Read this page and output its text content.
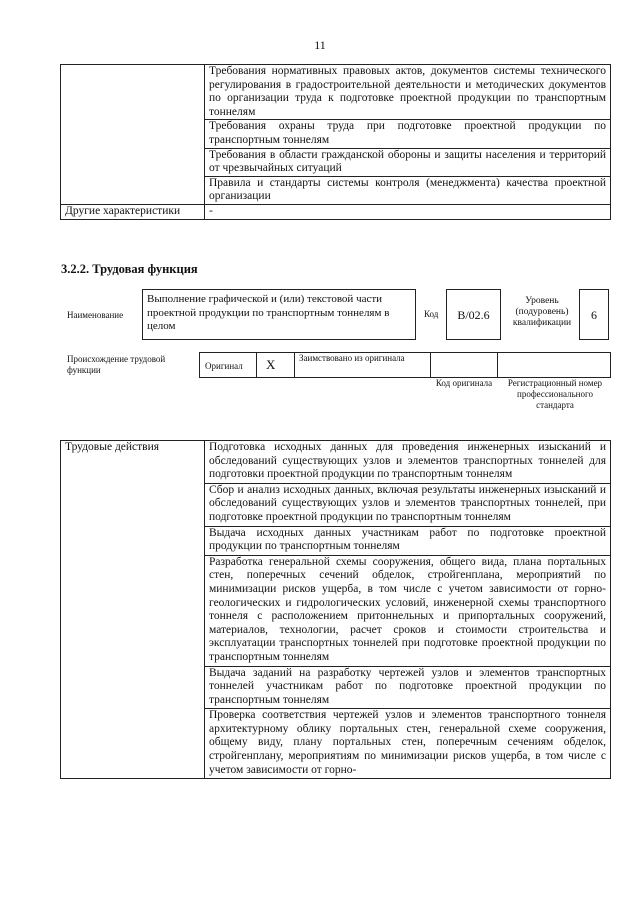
11
	Требования нормативных правовых актов, документов системы технического регулирования в градостроительной деятельности и методических документов по организации труда к подготовке проектной продукции по транспортным тоннелям
	Требования охраны труда при подготовке проектной продукции по транспортным тоннелям
	Требования в области гражданской обороны и защиты населения и территорий от чрезвычайных ситуаций
	Правила и стандарты системы контроля (менеджмента) качества проектной организации
Другие характеристики	-
3.2.2. Трудовая функция
Наименование
Выполнение графической и (или) текстовой части проектной продукции по транспортным тоннелям в целом
Код	В/02.6
Уровень (подуровень) квалификации
6
Происхождение трудовой функции	Оригинал X	Заимствовано из оригинала
Код оригинала	Регистрационный номер профессионального стандарта
Трудовые действия	Подготовка исходных данных для проведения инженерных изысканий и обследований существующих узлов и элементов транспортных тоннелей для подготовки проектной продукции по транспортным тоннелям
Сбор и анализ исходных данных, включая результаты инженерных изысканий и обследований существующих узлов и элементов транспортных тоннелей, при подготовке проектной продукции по транспортным тоннелям
Выдача исходных данных участникам работ по подготовке проектной продукции по транспортным тоннелям
Разработка генеральной схемы сооружения, общего вида, плана портальных стен, поперечных сечений обделок, стройгенплана, мероприятий по минимизации рисков ущерба, в том числе с учетом зависимости от горно-геологических и гидрологических условий, инженерной схемы транспортного тоннеля с расположением притоннельных и припортальных сооружений, материалов, технологии, расчет сроков и стоимости строительства и эксплуатации транспортных тоннелей при подготовке проектной продукции по транспортным тоннелям
Выдача заданий на разработку чертежей узлов и элементов транспортных тоннелей участникам работ по подготовке проектной продукции по транспортным тоннелям
Проверка соответствия чертежей узлов и элементов транспортного тоннеля архитектурному облику портальных стен, генеральной схеме сооружения, общему виду, плану портальных стен, поперечным сечениям обделок, стройгенплану, мероприятиям по минимизации рисков ущерба, в том числе с учетом зависимости от горно-
